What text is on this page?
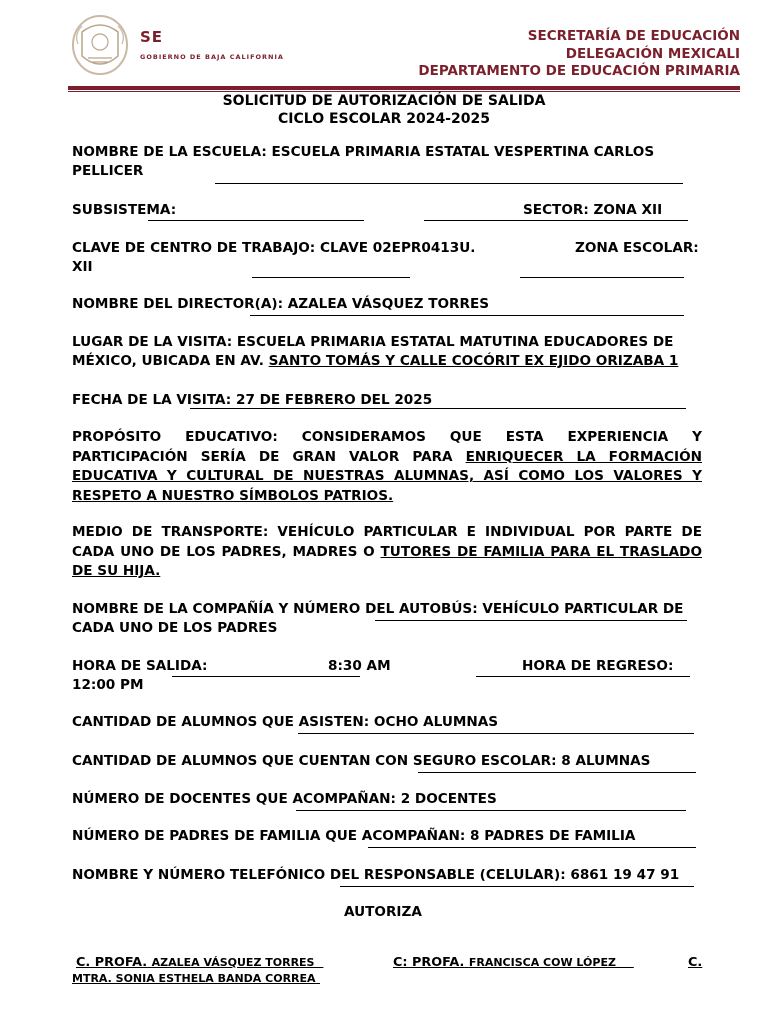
SE
GOBIERNO DE BAJA CALIFORNIA
SECRETARÍA DE EDUCACIÓN
DELEGACIÓN MEXICALI
DEPARTAMENTO DE EDUCACIÓN PRIMARIA
SOLICITUD DE AUTORIZACIÓN DE SALIDA
CICLO ESCOLAR 2024-2025
NOMBRE DE LA ESCUELA: ESCUELA PRIMARIA ESTATAL VESPERTINA CARLOS
PELLICER
SUBSISTEMA:	SECTOR: ZONA XII
CLAVE DE CENTRO DE TRABAJO: CLAVE 02EPR0413U.	ZONA ESCOLAR:
XII
NOMBRE DEL DIRECTOR(A): AZALEA VÁSQUEZ TORRES
LUGAR DE LA VISITA: ESCUELA PRIMARIA ESTATAL MATUTINA EDUCADORES DE
MÉXICO, UBICADA EN AV. SANTO TOMÁS Y CALLE COCÓRIT EX EJIDO ORIZABA 1
FECHA DE LA VISITA: 27 DE FEBRERO DEL 2025
PROPÓSITO EDUCATIVO: CONSIDERAMOS QUE ESTA EXPERIENCIA Y PARTICIPACIÓN SERÍA DE GRAN VALOR PARA ENRIQUECER LA FORMACIÓN EDUCATIVA Y CULTURAL DE NUESTRAS ALUMNAS, ASÍ COMO LOS VALORES Y RESPETO A NUESTRO SÍMBOLOS PATRIOS.
MEDIO DE TRANSPORTE: VEHÍCULO PARTICULAR E INDIVIDUAL POR PARTE DE CADA UNO DE LOS PADRES, MADRES O TUTORES DE FAMILIA PARA EL TRASLADO DE SU HIJA.
NOMBRE DE LA COMPAÑÍA Y NÚMERO DEL AUTOBÚS: VEHÍCULO PARTICULAR DE
CADA UNO DE LOS PADRES
HORA DE SALIDA:	8:30 AM	HORA DE REGRESO:
12:00 PM
CANTIDAD DE ALUMNOS QUE ASISTEN: OCHO ALUMNAS
CANTIDAD DE ALUMNOS QUE CUENTAN CON SEGURO ESCOLAR: 8 ALUMNAS
NÚMERO DE DOCENTES QUE ACOMPAÑAN: 2 DOCENTES
NÚMERO DE PADRES DE FAMILIA QUE ACOMPAÑAN: 8 PADRES DE FAMILIA
NOMBRE Y NÚMERO TELEFÓNICO DEL RESPONSABLE (CELULAR): 6861 19 47 91
AUTORIZA
C. PROFA. AZALEA VÁSQUEZ TORRES	C: PROFA. FRANCISCA COW LÓPEZ	C.
MTRA. SONIA ESTHELA BANDA CORREA
